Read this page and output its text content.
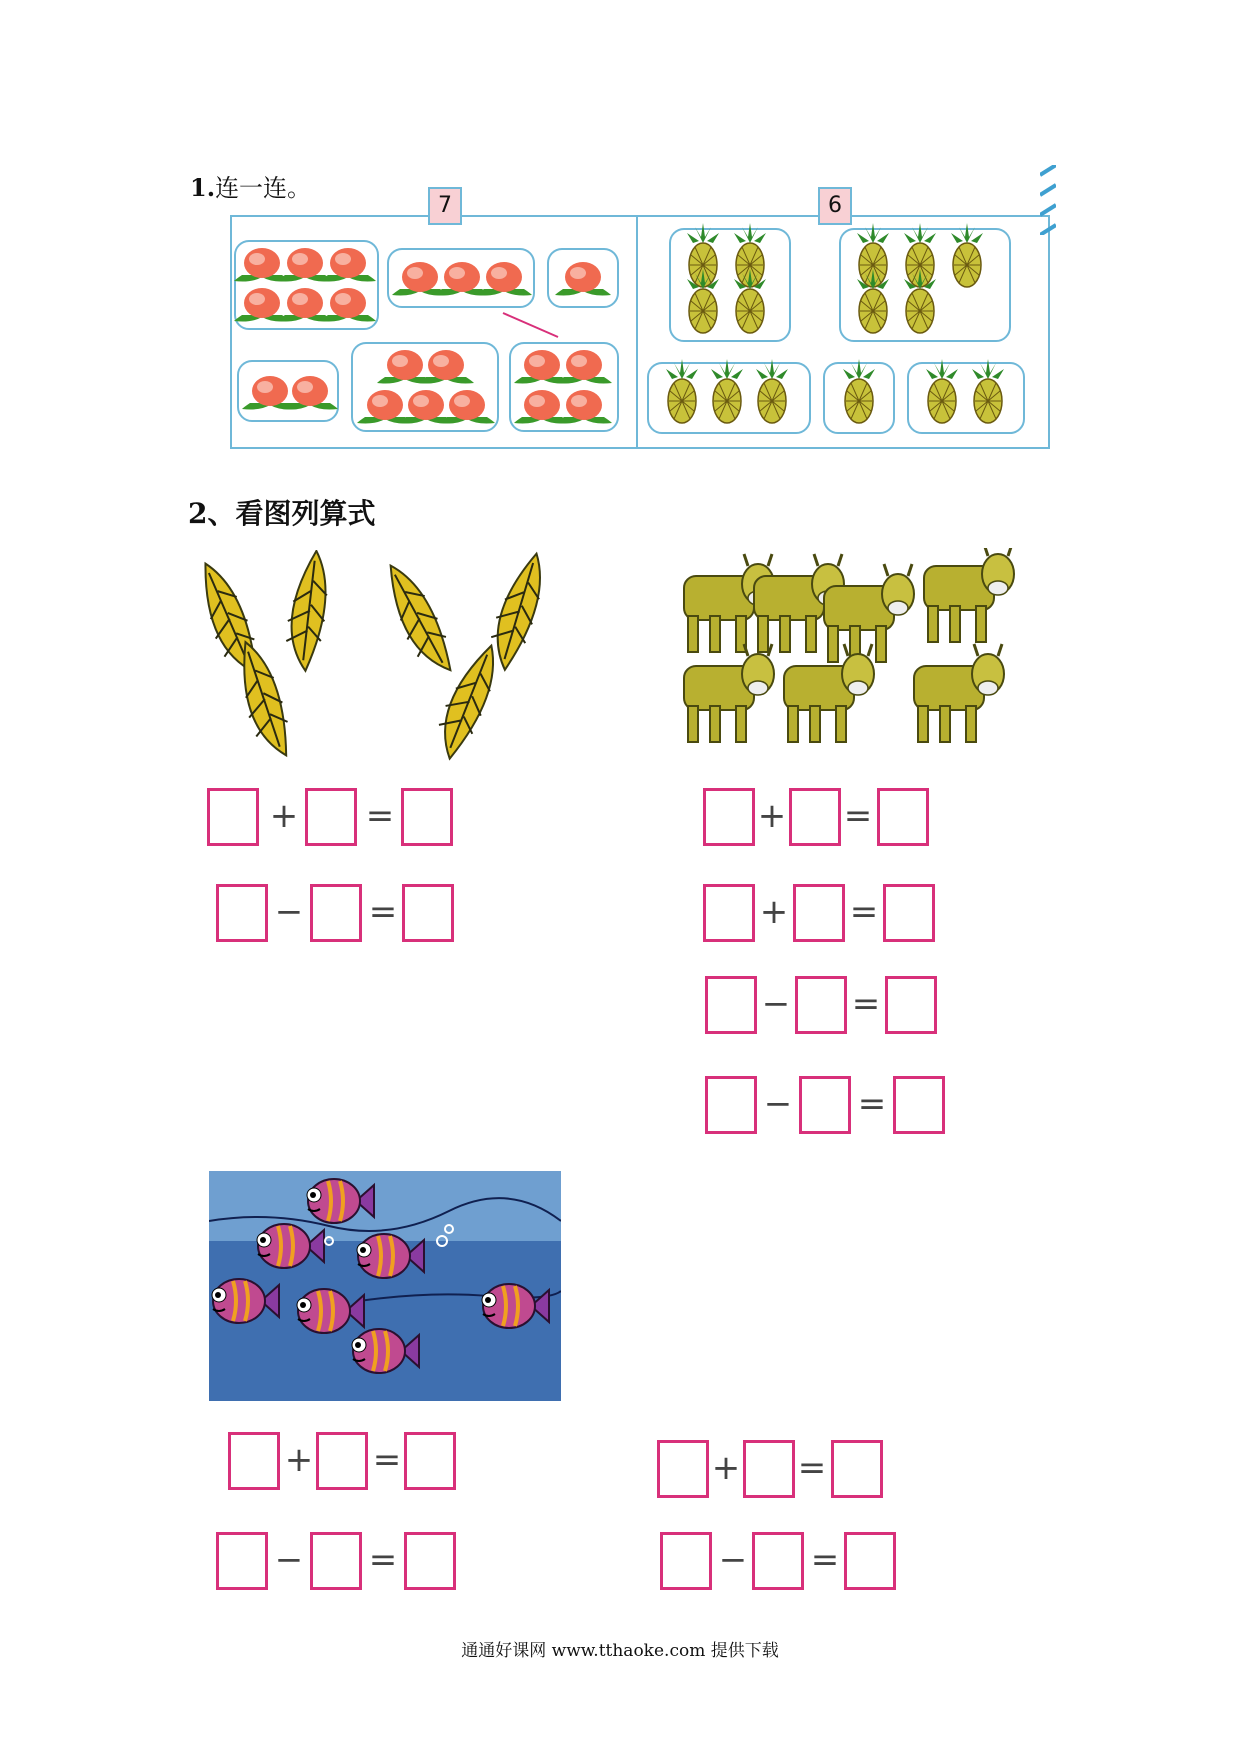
1.连一连。
7	6
2、看图列算式
+ =
− =
+ =
+ =
− =
− =
+ =
− =
+ =
− =
通通好课网 www.tthaoke.com 提供下载
